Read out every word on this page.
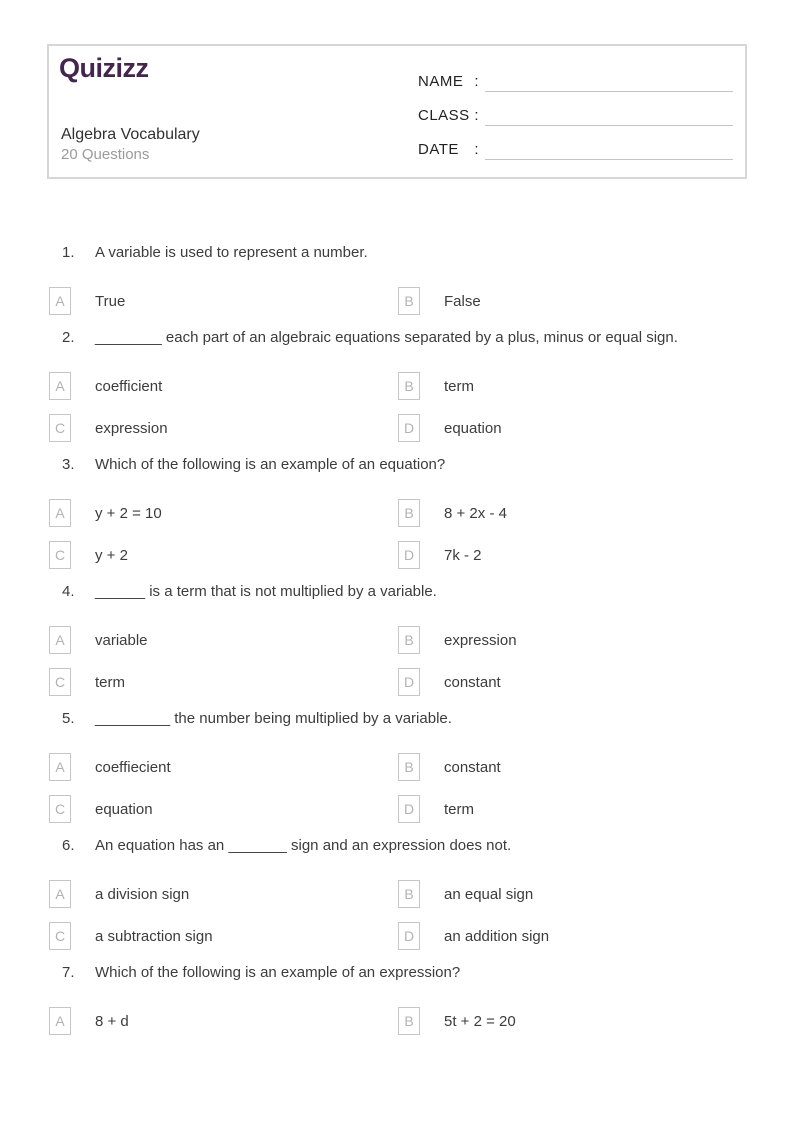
Quizizz
Algebra Vocabulary
20 Questions
NAME :
CLASS :
DATE :
1.	A variable is used to represent a number.
A True	B False
2.	________ each part of an algebraic equations separated by a plus, minus or equal sign.
A coefficient	B term
C expression	D equation
3.	Which of the following is an example of an equation?
A y + 2 = 10	B 8 + 2x - 4
C y + 2	D 7k - 2
4.	______ is a term that is not multiplied by a variable.
A variable	B expression
C term	D constant
5.	_________ the number being multiplied by a variable.
A coeffiecient	B constant
C equation	D term
6.	An equation has an _______ sign and an expression does not.
A a division sign	B an equal sign
C a subtraction sign	D an addition sign
7.	Which of the following is an example of an expression?
A 8 + d	B 5t + 2 = 20
